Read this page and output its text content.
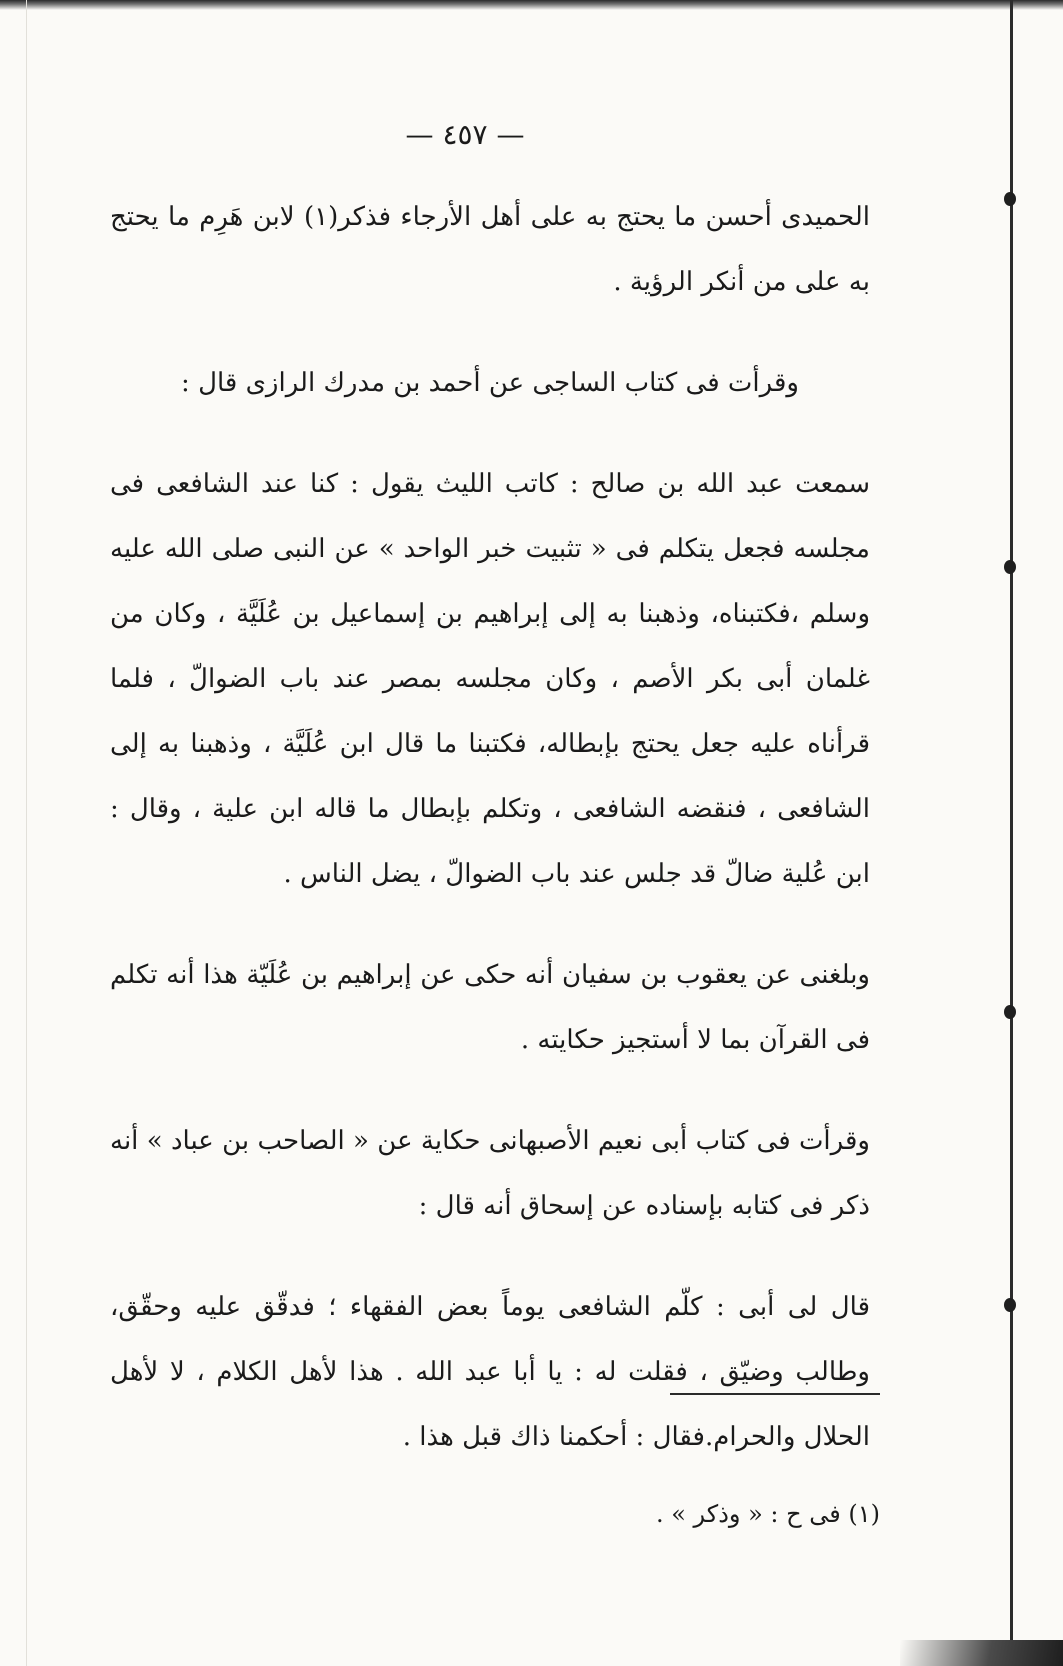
— ٤٥٧ —

الحميدى أحسن ما يحتج به على أهل الأرجاء فذكر(١) لابن هَرِم ما يحتج به على من أنكر الرؤية .

وقرأت فى كتاب الساجى عن أحمد بن مدرك الرازى قال :

سمعت عبد الله بن صالح : كاتب الليث يقول : كنا عند الشافعى فى مجلسه فجعل يتكلم فى « تثبيت خبر الواحد » عن النبى صلى الله عليه وسلم ،فكتبناه، وذهبنا به إلى إبراهيم بن إسماعيل بن عُلَيَّة ، وكان من غلمان أبى بكر الأصم ، وكان مجلسه بمصر عند باب الضوالّ ، فلما قرأناه عليه جعل يحتج بإبطاله، فكتبنا ما قال ابن عُلَيَّة ، وذهبنا به إلى الشافعى ، فنقضه الشافعى ، وتكلم بإبطال ما قاله ابن علية ، وقال : ابن عُلية ضالّ قد جلس عند باب الضوالّ ، يضل الناس .

وبلغنى عن يعقوب بن سفيان أنه حكى عن إبراهيم بن عُلَيّة هذا أنه تكلم فى القرآن بما لا أستجيز حكايته .

وقرأت فى كتاب أبى نعيم الأصبهانى حكاية عن « الصاحب بن عباد » أنه ذكر فى كتابه بإسناده عن إسحاق أنه قال :

قال لى أبى : كلّم الشافعى يوماً بعض الفقهاء ؛ فدقّق عليه وحقّق، وطالب وضيّق ، فقلت له : يا أبا عبد الله . هذا لأهل الكلام ، لا لأهل الحلال والحرام.فقال : أحكمنا ذاك قبل هذا .

(١) فى ح : « وذكر » .
